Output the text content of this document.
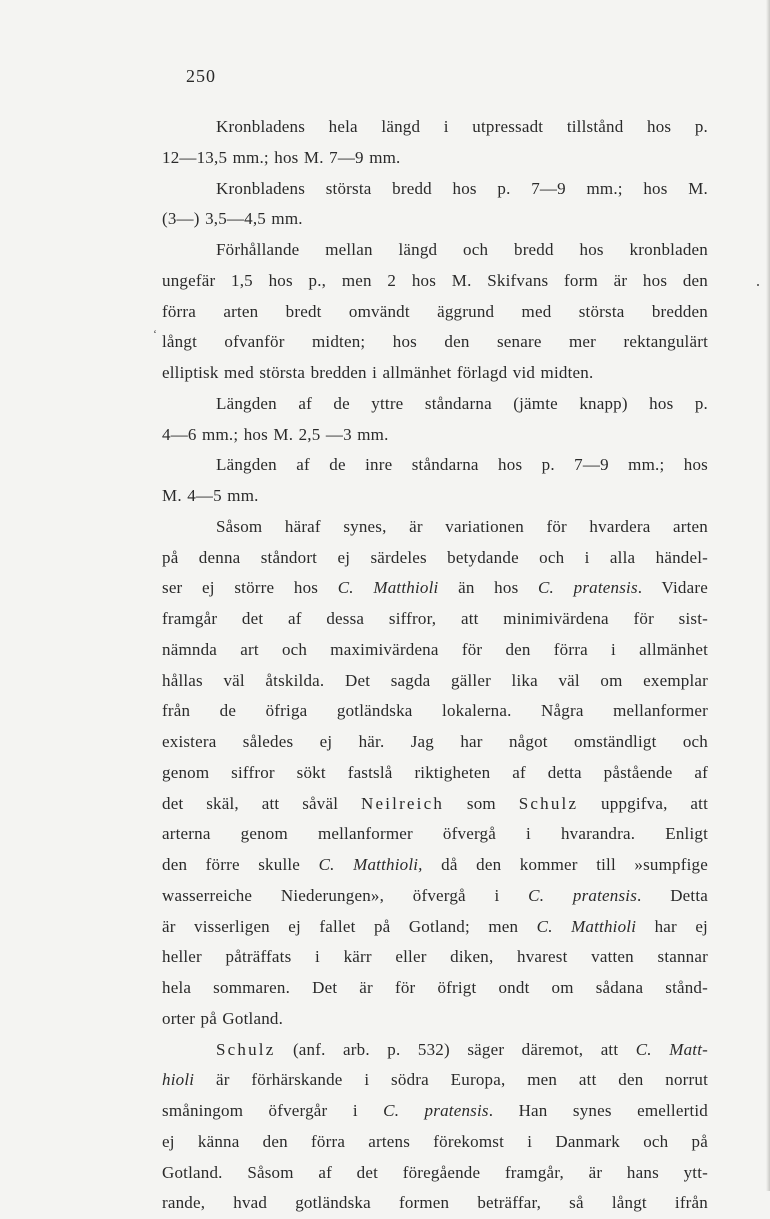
250
‘
Kronbladens hela längd i utpressadt tillstånd hos p.
12—13,5 mm.; hos M. 7—9 mm.
Kronbladens största bredd hos p. 7—9 mm.; hos M.
(3—) 3,5—4,5 mm.
Förhållande mellan längd och bredd hos kronbladen
ungefär 1,5 hos p., men 2 hos M. Skifvans form är hos den
förra arten bredt omvändt äggrund med största bredden
långt ofvanför midten; hos den senare mer rektangulärt
elliptisk med största bredden i allmänhet förlagd vid midten.
Längden af de yttre ståndarna (jämte knapp) hos p.
4—6 mm.; hos M. 2,5 —3 mm.
Längden af de inre ståndarna hos p. 7—9 mm.; hos
M. 4—5 mm.
Såsom häraf synes, är variationen för hvardera arten
på denna ståndort ej särdeles betydande och i alla händel-
ser ej större hos C. Matthioli än hos C. pratensis. Vidare
framgår det af dessa siffror, att minimivärdena för sist-
nämnda art och maximivärdena för den förra i allmänhet
hållas väl åtskilda. Det sagda gäller lika väl om exemplar
från de öfriga gotländska lokalerna. Några mellanformer
existera således ej här. Jag har något omständligt och
genom siffror sökt fastslå riktigheten af detta påstående af
det skäl, att såväl Neilreich som Schulz uppgifva, att
arterna genom mellanformer öfvergå i hvarandra. Enligt
den förre skulle C. Matthioli, då den kommer till »sumpfige
wasserreiche Niederungen», öfvergå i C. pratensis. Detta
är visserligen ej fallet på Gotland; men C. Matthioli har ej
heller påträffats i kärr eller diken, hvarest vatten stannar
hela sommaren. Det är för öfrigt ondt om sådana stånd-
orter på Gotland.
Schulz (anf. arb. p. 532) säger däremot, att C. Matt-
hioli är förhärskande i södra Europa, men att den norrut
småningom öfvergår i C. pratensis. Han synes emellertid
ej känna den förra artens förekomst i Danmark och på
Gotland. Såsom af det föregående framgår, är hans ytt-
rande, hvad gotländska formen beträffar, så långt ifrån
